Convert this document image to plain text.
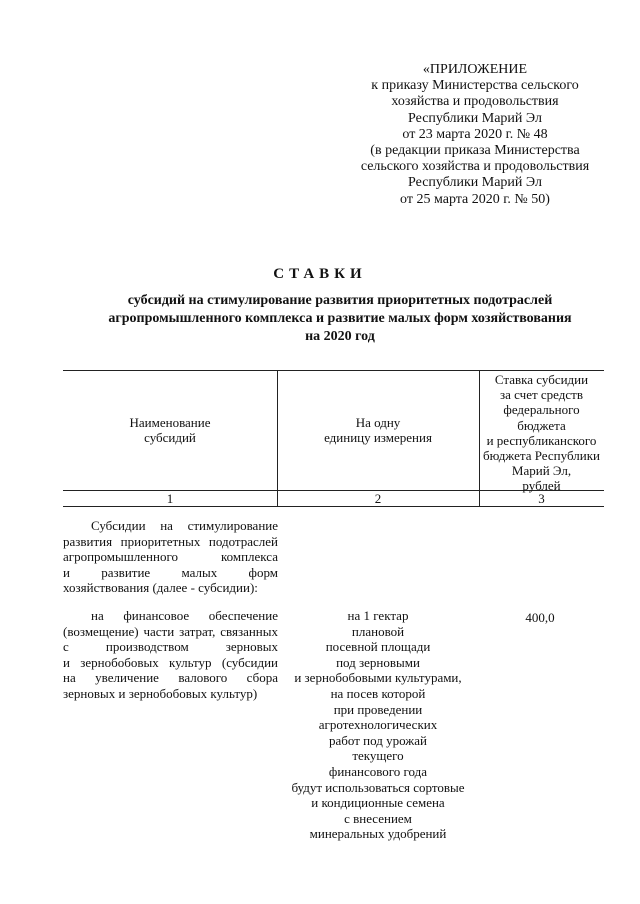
«ПРИЛОЖЕНИЕ
к приказу Министерства сельского
хозяйства и продовольствия
Республики Марий Эл
от 23 марта 2020 г. № 48
(в редакции приказа Министерства
сельского хозяйства и продовольствия
Республики Марий Эл
от 25 марта 2020 г. № 50)
СТАВКИ
субсидий на стимулирование развития приоритетных подотраслей
агропромышленного комплекса и развитие малых форм хозяйствования
на 2020 год
Наименование
субсидий
На одну
единицу измерения
Ставка субсидии
за счет средств
федерального
бюджета
и республиканского
бюджета Республики
Марий Эл,
рублей
1	2	3
Субсидии на стимулирование
развития приоритетных подотраслей
агропромышленного комплекса
и развитие малых форм
хозяйствования (далее - субсидии):
на финансовое обеспечение
(возмещение) части затрат, связанных
с производством зерновых
и зернобобовых культур (субсидии
на увеличение валового сбора
зерновых и зернобобовых культур)
на 1 гектар
плановой
посевной площади
под зерновыми
и зернобобовыми культурами,
на посев которой
при проведении
агротехнологических
работ под урожай
текущего
финансового года
будут использоваться сортовые
и кондиционные семена
с внесением
минеральных удобрений
400,0
